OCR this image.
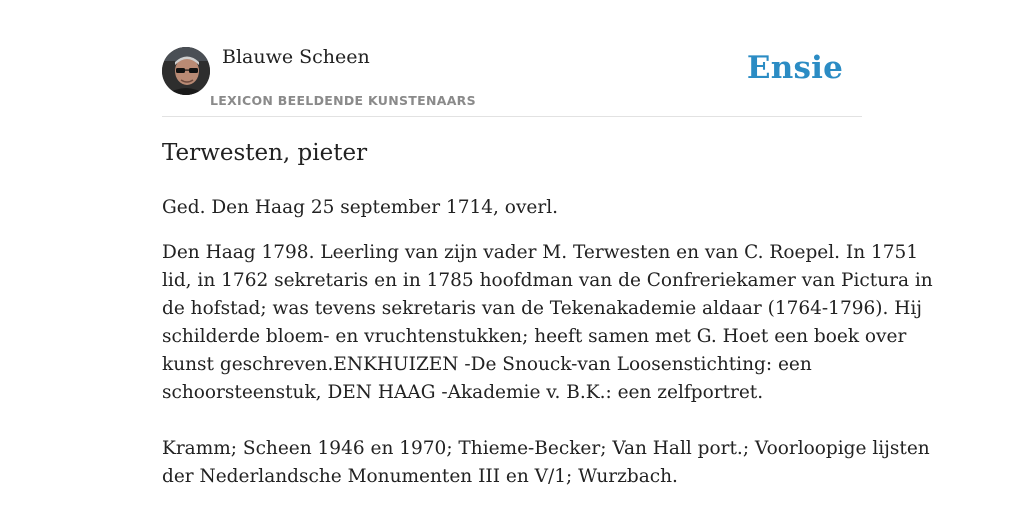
Blauwe Scheen
LEXICON BEELDENDE KUNSTENAARS
Ensie
Terwesten, pieter

Ged. Den Haag 25 september 1714, overl.

Den Haag 1798. Leerling van zijn vader M. Terwesten en van C. Roepel. In 1751
lid, in 1762 sekretaris en in 1785 hoofdman van de Confreriekamer van Pictura in
de hofstad; was tevens sekretaris van de Tekenakademie aldaar (1764-1796). Hij
schilderde bloem- en vruchtenstukken; heeft samen met G. Hoet een boek over
kunst geschreven.ENKHUIZEN -De Snouck-van Loosenstichting: een
schoorsteenstuk, DEN HAAG -Akademie v. B.K.: een zelfportret.
Kramm; Scheen 1946 en 1970; Thieme-Becker; Van Hall port.; Voorloopige lijsten
der Nederlandsche Monumenten III en V/1; Wurzbach.
